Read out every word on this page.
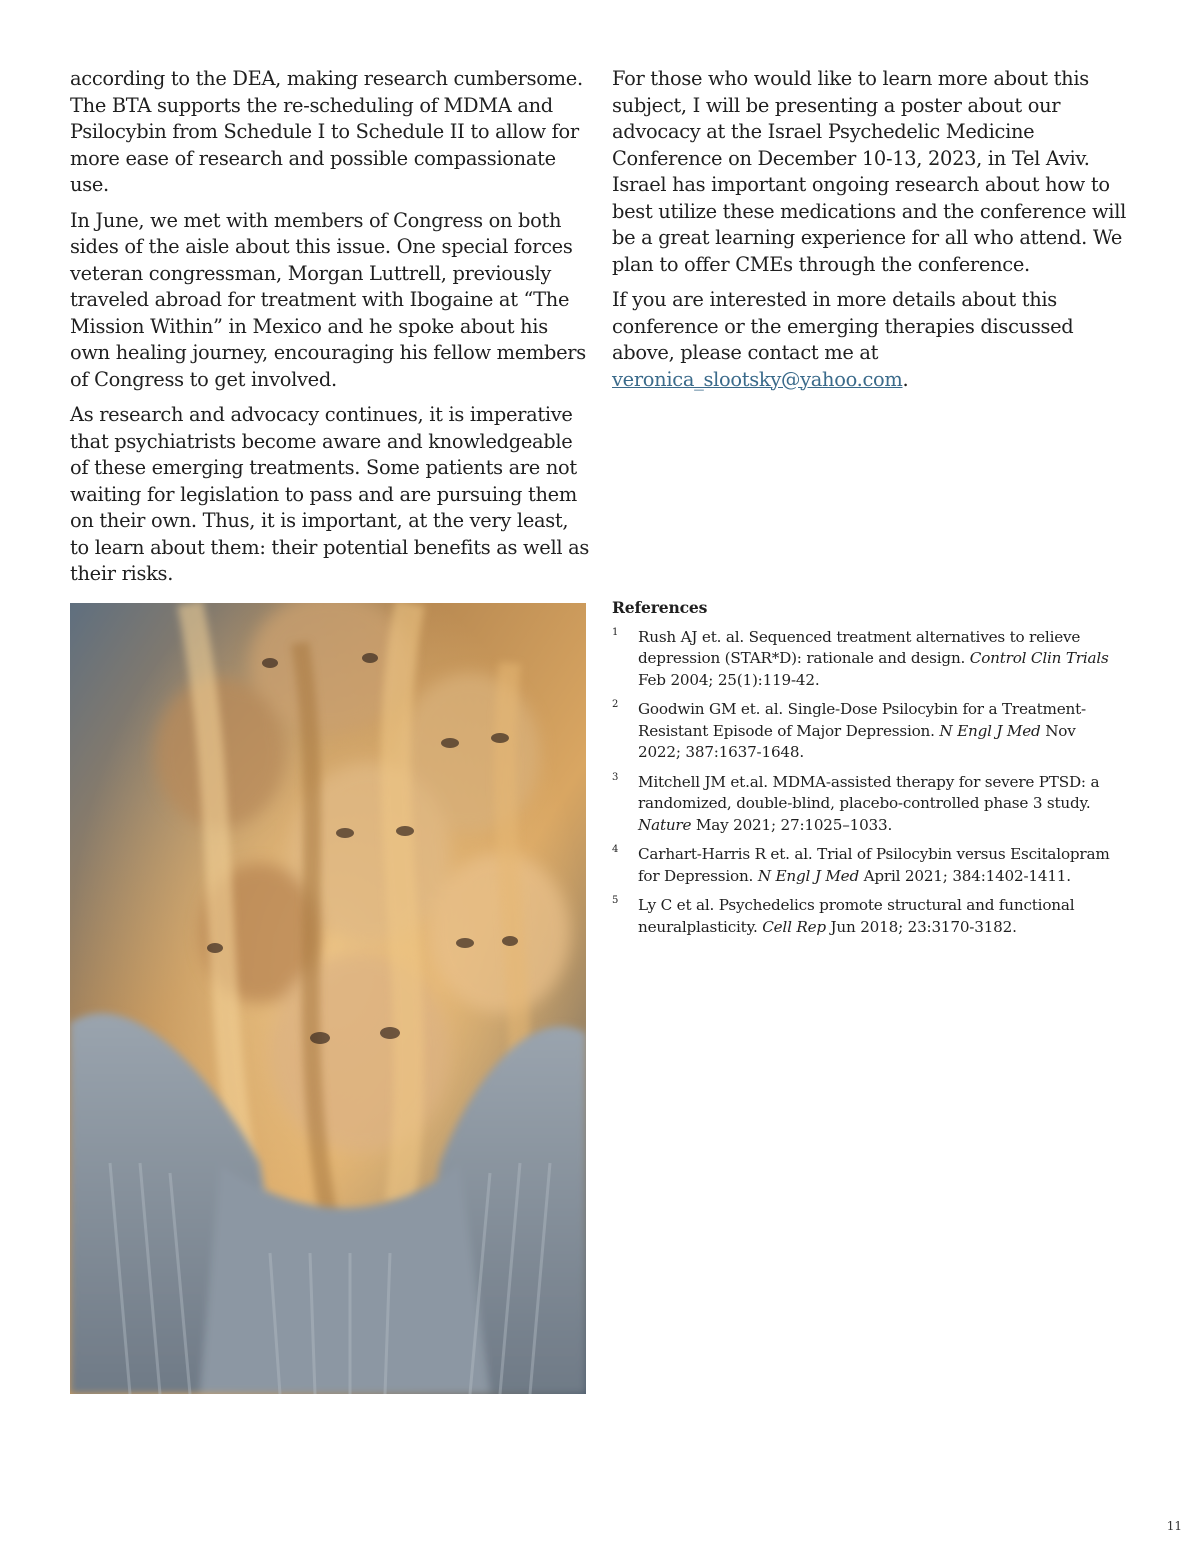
according to the DEA, making research cumbersome. The BTA supports the re-scheduling of MDMA and Psilocybin from Schedule I to Schedule II to allow for more ease of research and possible compassionate use.

In June, we met with members of Congress on both sides of the aisle about this issue. One special forces veteran congressman, Morgan Luttrell, previously traveled abroad for treatment with Ibogaine at “The Mission Within” in Mexico and he spoke about his own healing journey, encouraging his fellow members of Congress to get involved.

As research and advocacy continues, it is imperative that psychiatrists become aware and knowledgeable of these emerging treatments. Some patients are not waiting for legislation to pass and are pursuing them on their own. Thus, it is important, at the very least, to learn about them: their potential benefits as well as their risks.

For those who would like to learn more about this subject, I will be presenting a poster about our advocacy at the Israel Psychedelic Medicine Conference on December 10-13, 2023, in Tel Aviv. Israel has important ongoing research about how to best utilize these medications and the conference will be a great learning experience for all who attend. We plan to offer CMEs through the conference.

If you are interested in more details about this conference or the emerging therapies discussed above, please contact me at veronica_slootsky@yahoo.com.

References
1 Rush AJ et. al. Sequenced treatment alternatives to relieve depression (STAR*D): rationale and design. Control Clin Trials Feb 2004; 25(1):119-42.
2 Goodwin GM et. al. Single-Dose Psilocybin for a Treatment-Resistant Episode of Major Depression. N Engl J Med Nov 2022; 387:1637-1648.
3 Mitchell JM et.al. MDMA-assisted therapy for severe PTSD: a randomized, double-blind, placebo-controlled phase 3 study. Nature May 2021; 27:1025–1033.
4 Carhart-Harris R et. al. Trial of Psilocybin versus Escitalopram for Depression. N Engl J Med April 2021; 384:1402-1411.
5 Ly C et al. Psychedelics promote structural and functional neuralplasticity. Cell Rep Jun 2018; 23:3170-3182.
11
